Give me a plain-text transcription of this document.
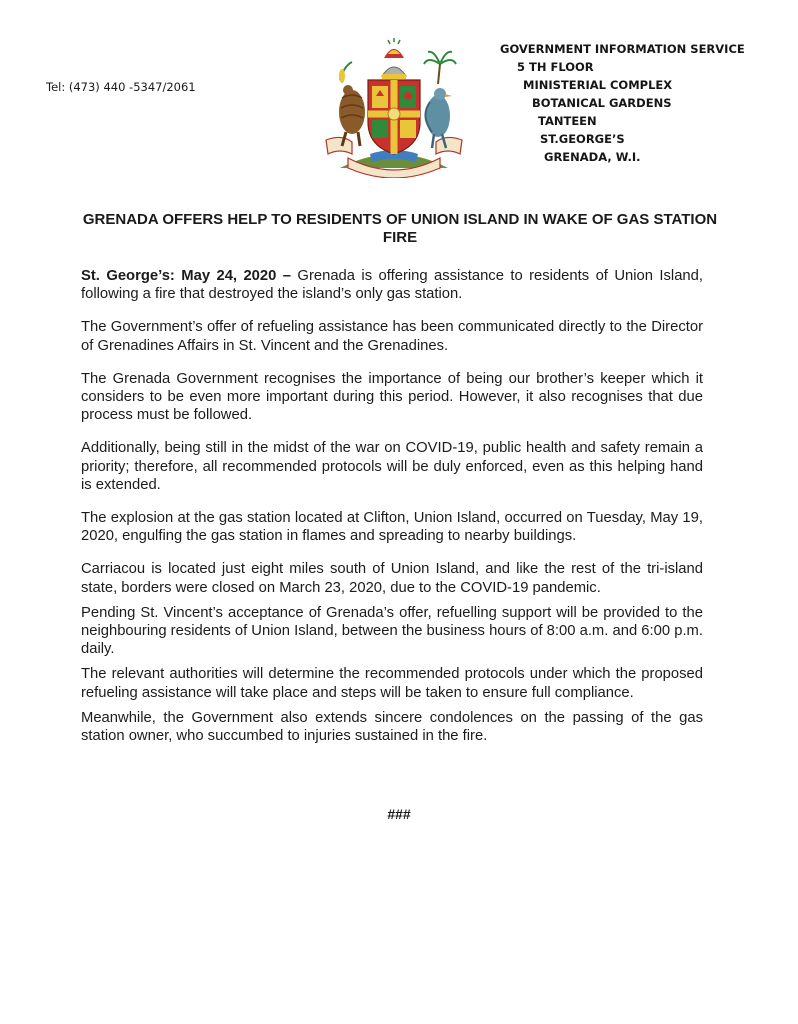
Tel: (473) 440 -5347/2061
GOVERNMENT INFORMATION SERVICE
5 TH FLOOR
MINISTERIAL COMPLEX
BOTANICAL GARDENS
TANTEEN
ST.GEORGE’S
GRENADA, W.I.
GRENADA OFFERS HELP TO RESIDENTS OF UNION ISLAND IN WAKE OF GAS STATION FIRE

St. George’s: May 24, 2020 – Grenada is offering assistance to residents of Union Island, following a fire that destroyed the island’s only gas station.

The Government’s offer of refueling assistance has been communicated directly to the Director of Grenadines Affairs in St. Vincent and the Grenadines.

The Grenada Government recognises the importance of being our brother’s keeper which it considers to be even more important during this period. However, it also recognises that due process must be followed.

Additionally, being still in the midst of the war on COVID-19, public health and safety remain a priority; therefore, all recommended protocols will be duly enforced, even as this helping hand is extended.

The explosion at the gas station located at Clifton, Union Island, occurred on Tuesday, May 19, 2020, engulfing the gas station in flames and spreading to nearby buildings.

Carriacou is located just eight miles south of Union Island, and like the rest of the tri-island state, borders were closed on March 23, 2020, due to the COVID-19 pandemic.

Pending St. Vincent’s acceptance of Grenada’s offer, refuelling support will be provided to the neighbouring residents of Union Island, between the business hours of 8:00 a.m. and 6:00 p.m. daily.

The relevant authorities will determine the recommended protocols under which the proposed refueling assistance will take place and steps will be taken to ensure full compliance.

Meanwhile, the Government also extends sincere condolences on the passing of the gas station owner, who succumbed to injuries sustained in the fire.

###
